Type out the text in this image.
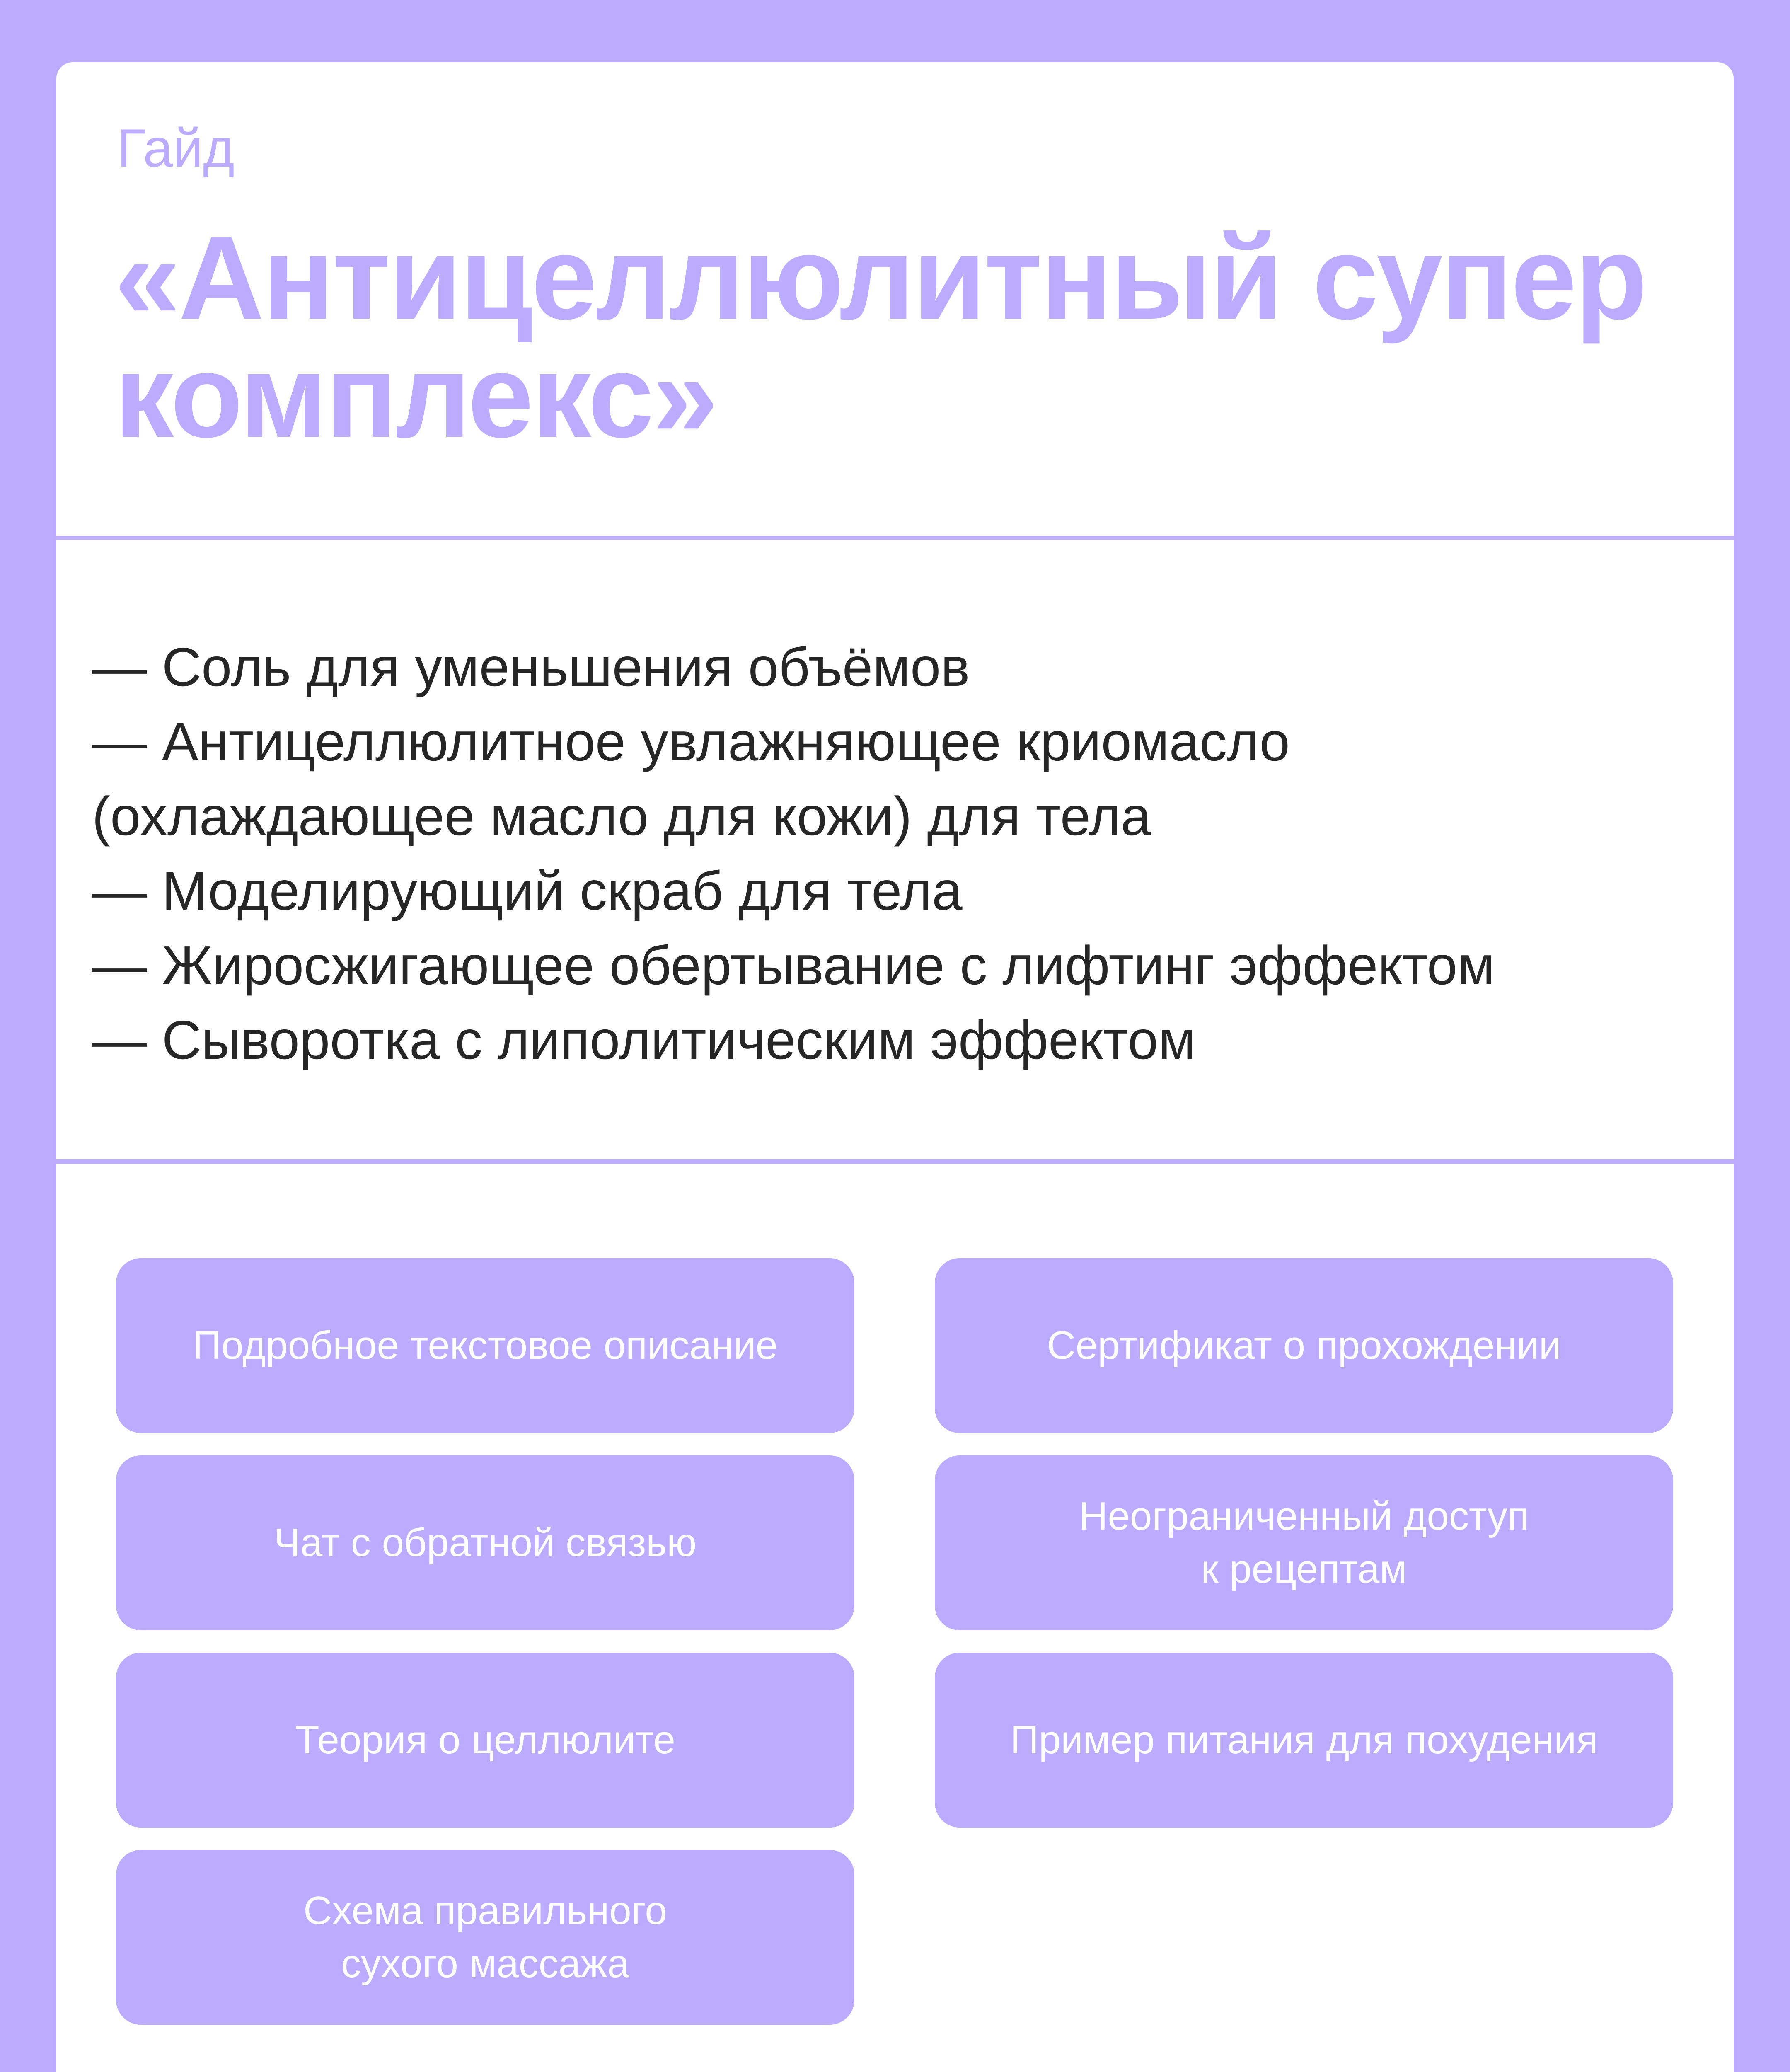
Гайд
«Антицеллюлитный супер комплекс»
— Соль для уменьшения объёмов
— Антицеллюлитное увлажняющее криомасло
(охлаждающее масло для кожи) для тела
— Моделирующий скраб для тела
— Жиросжигающее обертывание с лифтинг эффектом
— Сыворотка с липолитическим эффектом
Подробное текстовое описание	Сертификат о прохождении
Чат с обратной связью
Неограниченный доступ
к рецептам
Теория о целлюлите	Пример питания для похудения
Схема правильного
сухого массажа
